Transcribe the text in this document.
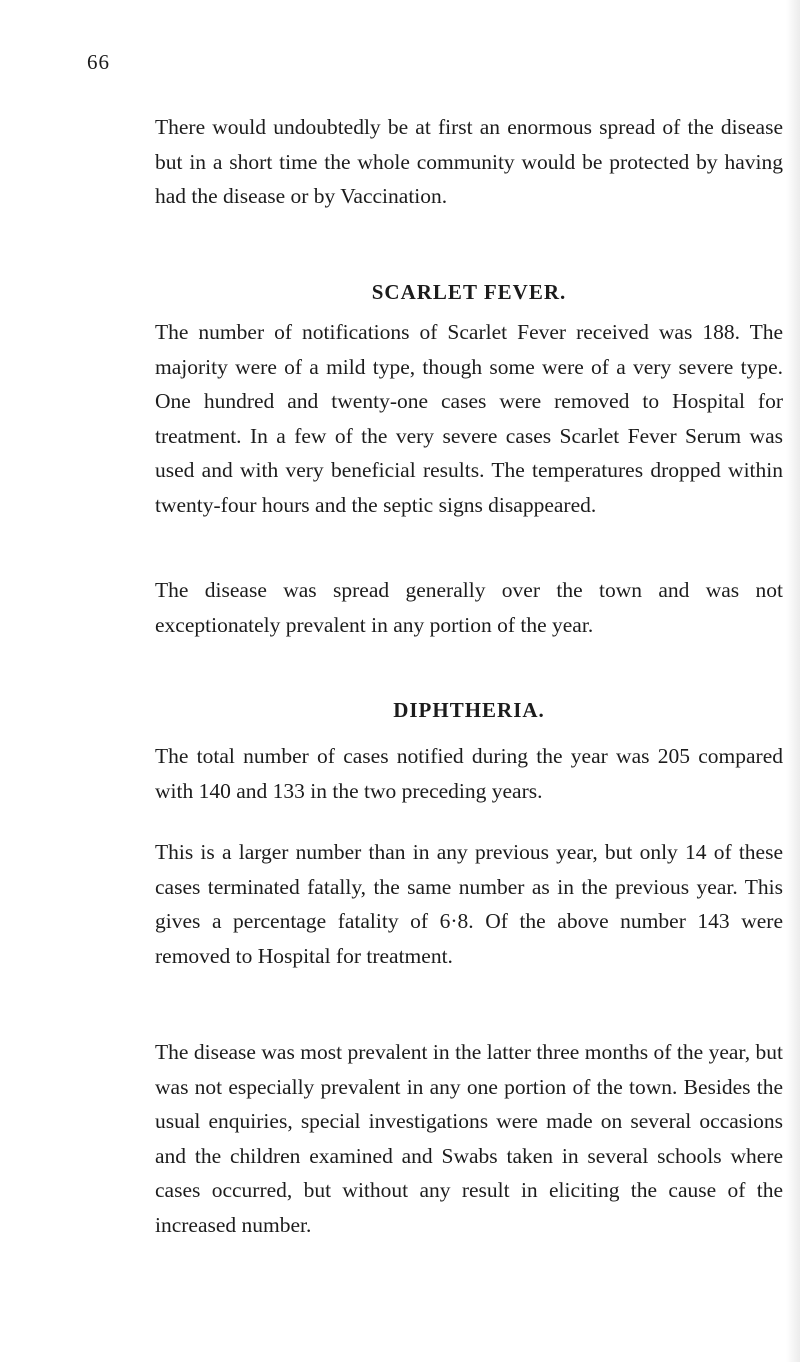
66

There would undoubtedly be at first an enormous spread of the disease but in a short time the whole community would be protected by having had the disease or by Vaccination.

SCARLET FEVER.

The number of notifications of Scarlet Fever received was 188. The majority were of a mild type, though some were of a very severe type. One hundred and twenty-one cases were removed to Hospital for treatment. In a few of the very severe cases Scarlet Fever Serum was used and with very beneficial results. The temperatures dropped within twenty-four hours and the septic signs disappeared.

The disease was spread generally over the town and was not exceptionately prevalent in any portion of the year.

DIPHTHERIA.

The total number of cases notified during the year was 205 compared with 140 and 133 in the two preceding years.

This is a larger number than in any previous year, but only 14 of these cases terminated fatally, the same number as in the previous year. This gives a percentage fatality of 6·8. Of the above number 143 were removed to Hospital for treatment.

The disease was most prevalent in the latter three months of the year, but was not especially prevalent in any one portion of the town. Besides the usual enquiries, special investigations were made on several occasions and the children examined and Swabs taken in several schools where cases occurred, but without any result in eliciting the cause of the increased number.
